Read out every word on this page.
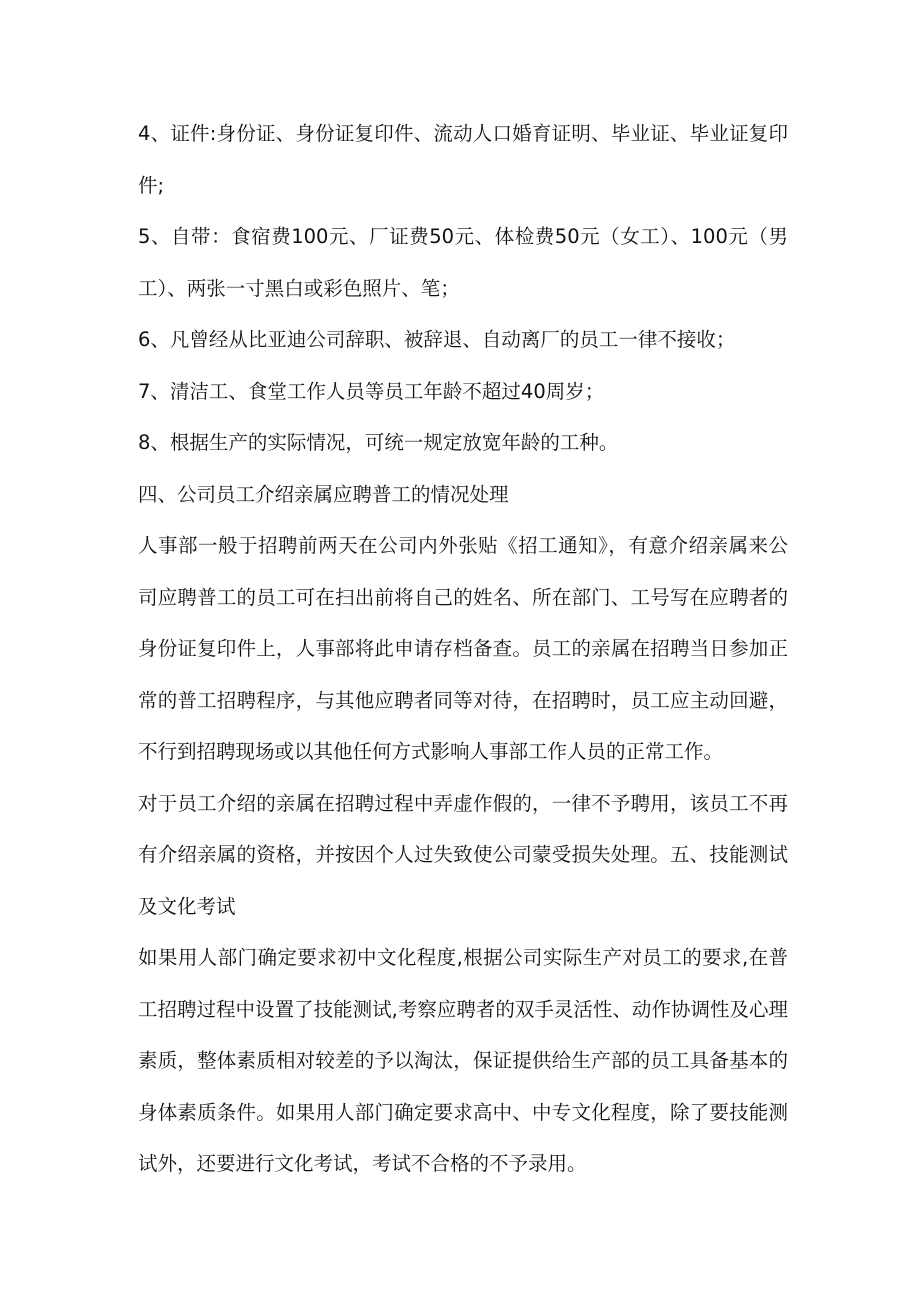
4、证件:身份证、身份证复印件、流动人口婚育证明、毕业证、毕业证复印件;

5、自带：食宿费100元、厂证费50元、体检费50元（女工）、100元（男工）、两张一寸黑白或彩色照片、笔；

6、凡曾经从比亚迪公司辞职、被辞退、自动离厂的员工一律不接收；

7、清洁工、食堂工作人员等员工年龄不超过40周岁；

8、根据生产的实际情况，可统一规定放宽年龄的工种。

四、公司员工介绍亲属应聘普工的情况处理

人事部一般于招聘前两天在公司内外张贴《招工通知》，有意介绍亲属来公司应聘普工的员工可在扫出前将自己的姓名、所在部门、工号写在应聘者的身份证复印件上，人事部将此申请存档备查。员工的亲属在招聘当日参加正常的普工招聘程序，与其他应聘者同等对待，在招聘时，员工应主动回避，不行到招聘现场或以其他任何方式影响人事部工作人员的正常工作。

对于员工介绍的亲属在招聘过程中弄虚作假的，一律不予聘用，该员工不再有介绍亲属的资格，并按因个人过失致使公司蒙受损失处理。五、技能测试及文化考试

如果用人部门确定要求初中文化程度,根据公司实际生产对员工的要求,在普工招聘过程中设置了技能测试,考察应聘者的双手灵活性、动作协调性及心理素质，整体素质相对较差的予以淘汰，保证提供给生产部的员工具备基本的身体素质条件。如果用人部门确定要求高中、中专文化程度，除了要技能测试外，还要进行文化考试，考试不合格的不予录用。
